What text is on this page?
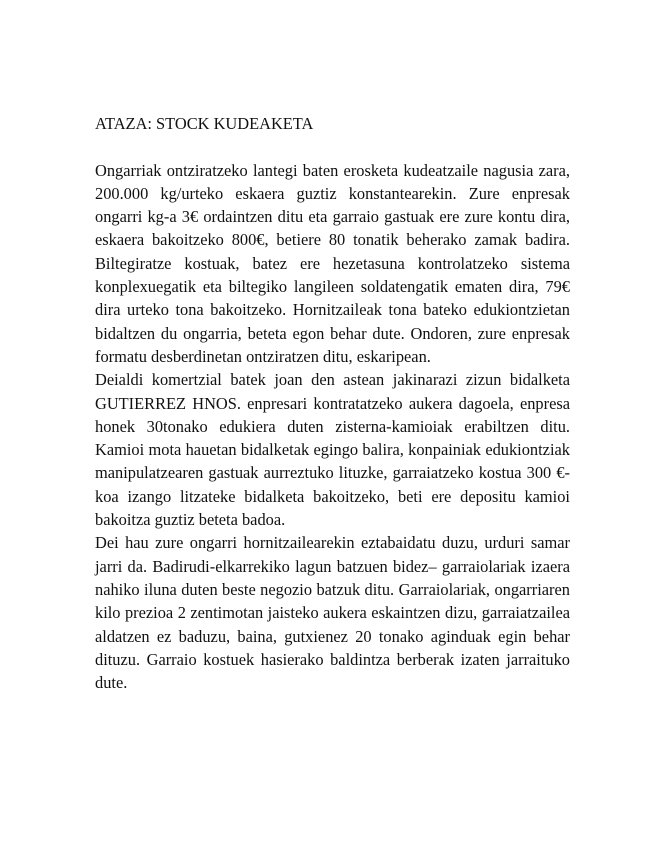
ATAZA: STOCK KUDEAKETA

Ongarriak ontziratzeko lantegi baten erosketa kudeatzaile nagusia zara, 200.000 kg/urteko eskaera guztiz konstantearekin. Zure enpresak ongarri kg-a 3€ ordaintzen ditu eta garraio gastuak ere zure kontu dira, eskaera bakoitzeko 800€, betiere 80 tonatik beherako zamak badira. Biltegiratze kostuak, batez ere hezetasuna kontrolatzeko sistema konplexuegatik eta biltegiko langileen soldatengatik ematen dira, 79€ dira urteko tona bakoitzeko. Hornitzaileak tona bateko edukiontzietan bidaltzen du ongarria, beteta egon behar dute. Ondoren, zure enpresak formatu desberdinetan ontziratzen ditu, eskaripean.

Deialdi komertzial batek joan den astean jakinarazi zizun bidalketa GUTIERREZ HNOS. enpresari kontratatzeko aukera dagoela, enpresa honek 30tonako edukiera duten zisterna-kamioiak erabiltzen ditu. Kamioi mota hauetan bidalketak egingo balira, konpainiak edukiontziak manipulatzearen gastuak aurreztuko lituzke, garraiatzeko kostua 300 €-koa izango litzateke bidalketa bakoitzeko, beti ere depositu kamioi bakoitza guztiz beteta badoa.

Dei hau zure ongarri hornitzailearekin eztabaidatu duzu, urduri samar jarri da. Badirudi-elkarrekiko lagun batzuen bidez– garraiolariak izaera nahiko iluna duten beste negozio batzuk ditu. Garraiolariak, ongarriaren kilo prezioa 2 zentimotan jaisteko aukera eskaintzen dizu, garraiatzailea aldatzen ez baduzu, baina, gutxienez 20 tonako aginduak egin behar dituzu. Garraio kostuek hasierako baldintza berberak izaten jarraituko dute.
